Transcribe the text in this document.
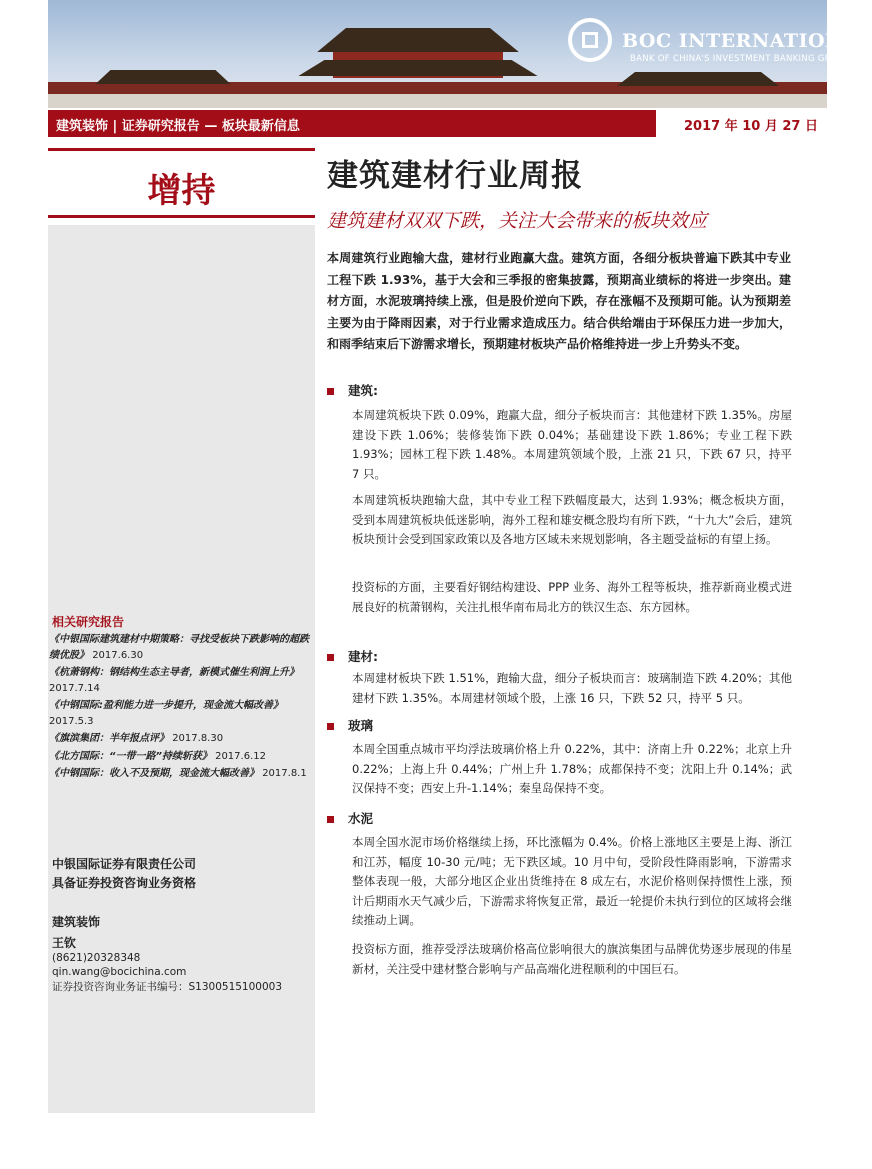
BOC INTERNATIONAL
BANK OF CHINA'S INVESTMENT BANKING GROUP
建筑装饰 | 证券研究报告 — 板块最新信息	2017 年 10 月 27 日
增持
相关研究报告
《中银国际建筑建材中期策略：寻找受板块下跌影响的超跌绩优股》 2017.6.30
《杭萧钢构：钢结构生态主导者，新模式催生利润上升》 2017.7.14
《中钢国际:盈利能力进一步提升，现金流大幅改善》 2017.5.3
《旗滨集团：半年报点评》 2017.8.30
《北方国际：“一带一路”持续斩获》 2017.6.12
《中钢国际：收入不及预期，现金流大幅改善》 2017.8.1
中银国际证券有限责任公司
具备证券投资咨询业务资格
建筑装饰
王钦
(8621)20328348
qin.wang@bocichina.com
证券投资咨询业务证书编号：S1300515100003
建筑建材行业周报
建筑建材双双下跌，关注大会带来的板块效应
本周建筑行业跑输大盘，建材行业跑赢大盘。建筑方面，各细分板块普遍下跌其中专业工程下跌 1.93%，基于大会和三季报的密集披露，预期高业绩标的将进一步突出。建材方面，水泥玻璃持续上涨，但是股价逆向下跌，存在涨幅不及预期可能。认为预期差主要为由于降雨因素，对于行业需求造成压力。结合供给端由于环保压力进一步加大，和雨季结束后下游需求增长，预期建材板块产品价格维持进一步上升势头不变。
建筑:
本周建筑板块下跌 0.09%，跑赢大盘，细分子板块而言：其他建材下跌 1.35%。房屋建设下跌 1.06%；装修装饰下跌 0.04%；基础建设下跌 1.86%；专业工程下跌 1.93%；园林工程下跌 1.48%。本周建筑领域个股，上涨 21 只，下跌 67 只，持平 7 只。
本周建筑板块跑输大盘，其中专业工程下跌幅度最大，达到 1.93%；概念板块方面，受到本周建筑板块低迷影响，海外工程和雄安概念股均有所下跌，“十九大”会后，建筑板块预计会受到国家政策以及各地方区域未来规划影响，各主题受益标的有望上扬。
投资标的方面，主要看好钢结构建设、PPP 业务、海外工程等板块，推荐新商业模式进展良好的杭萧钢构，关注扎根华南布局北方的铁汉生态、东方园林。
建材:
本周建材板块下跌 1.51%，跑输大盘，细分子板块而言：玻璃制造下跌 4.20%；其他建材下跌 1.35%。本周建材领域个股，上涨 16 只，下跌 52 只，持平 5 只。
玻璃
本周全国重点城市平均浮法玻璃价格上升 0.22%，其中：济南上升 0.22%；北京上升 0.22%；上海上升 0.44%；广州上升 1.78%；成都保持不变；沈阳上升 0.14%；武汉保持不变；西安上升-1.14%；秦皇岛保持不变。
水泥
本周全国水泥市场价格继续上扬，环比涨幅为 0.4%。价格上涨地区主要是上海、浙江和江苏，幅度 10-30 元/吨；无下跌区域。10 月中旬，受阶段性降雨影响，下游需求整体表现一般，大部分地区企业出货维持在 8 成左右，水泥价格则保持惯性上涨，预计后期雨水天气减少后，下游需求将恢复正常，最近一轮提价未执行到位的区域将会继续推动上调。
投资标方面，推荐受浮法玻璃价格高位影响很大的旗滨集团与品牌优势逐步展现的伟星新材，关注受中建材整合影响与产品高端化进程顺利的中国巨石。
